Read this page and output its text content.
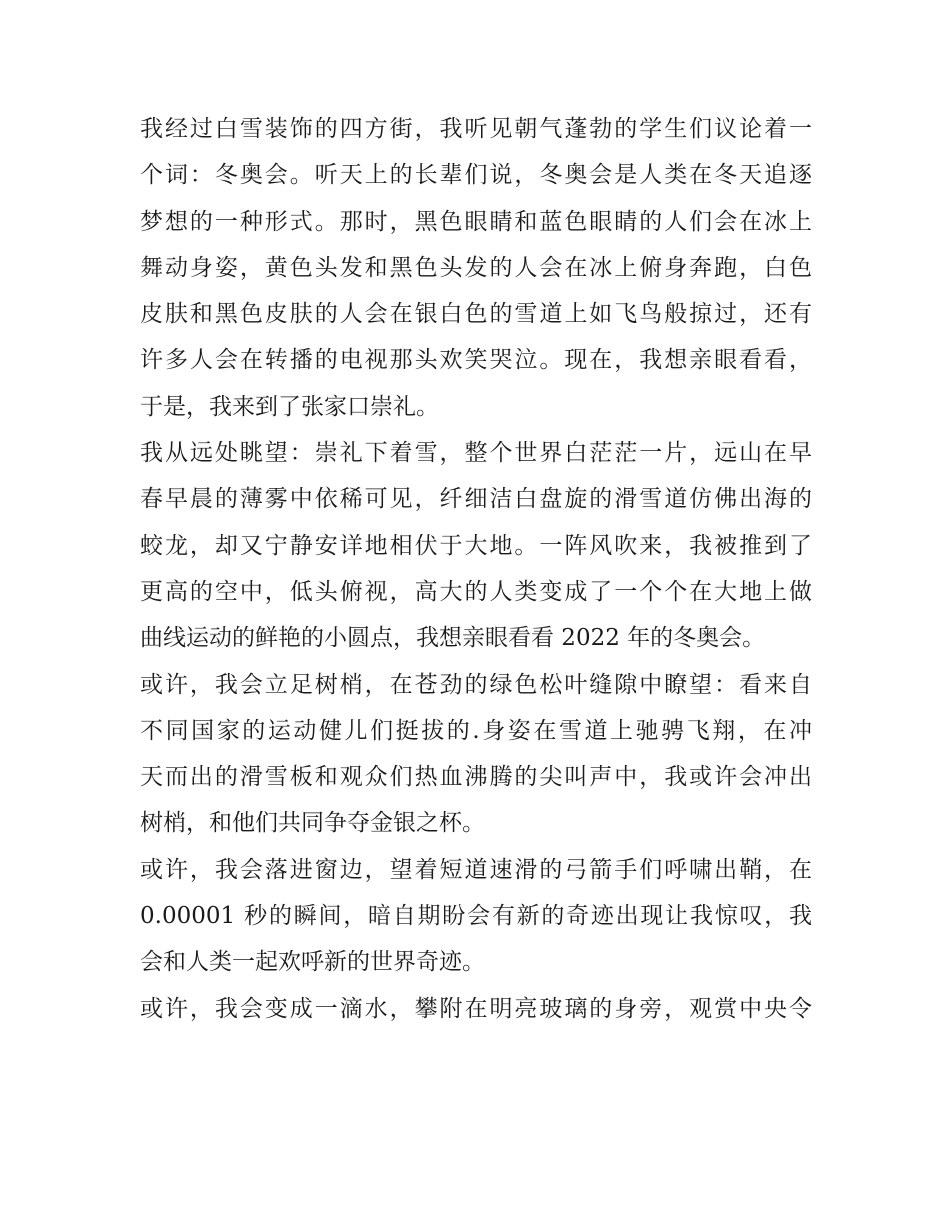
我经过白雪装饰的四方街，我听见朝气蓬勃的学生们议论着一
个词：冬奥会。听天上的长辈们说，冬奥会是人类在冬天追逐
梦想的一种形式。那时，黑色眼睛和蓝色眼睛的人们会在冰上
舞动身姿，黄色头发和黑色头发的人会在冰上俯身奔跑，白色
皮肤和黑色皮肤的人会在银白色的雪道上如飞鸟般掠过，还有
许多人会在转播的电视那头欢笑哭泣。现在，我想亲眼看看，
于是，我来到了张家口崇礼。
我从远处眺望：崇礼下着雪，整个世界白茫茫一片，远山在早
春早晨的薄雾中依稀可见，纤细洁白盘旋的滑雪道仿佛出海的
蛟龙，却又宁静安详地相伏于大地。一阵风吹来，我被推到了
更高的空中，低头俯视，高大的人类变成了一个个在大地上做
曲线运动的鲜艳的小圆点，我想亲眼看看 2022 年的冬奥会。
或许，我会立足树梢，在苍劲的绿色松叶缝隙中瞭望：看来自
不同国家的运动健儿们挺拔的.身姿在雪道上驰骋飞翔，在冲
天而出的滑雪板和观众们热血沸腾的尖叫声中，我或许会冲出
树梢，和他们共同争夺金银之杯。
或许，我会落进窗边，望着短道速滑的弓箭手们呼啸出鞘，在
0.00001 秒的瞬间，暗自期盼会有新的奇迹出现让我惊叹，我
会和人类一起欢呼新的世界奇迹。
或许，我会变成一滴水，攀附在明亮玻璃的身旁，观赏中央令
